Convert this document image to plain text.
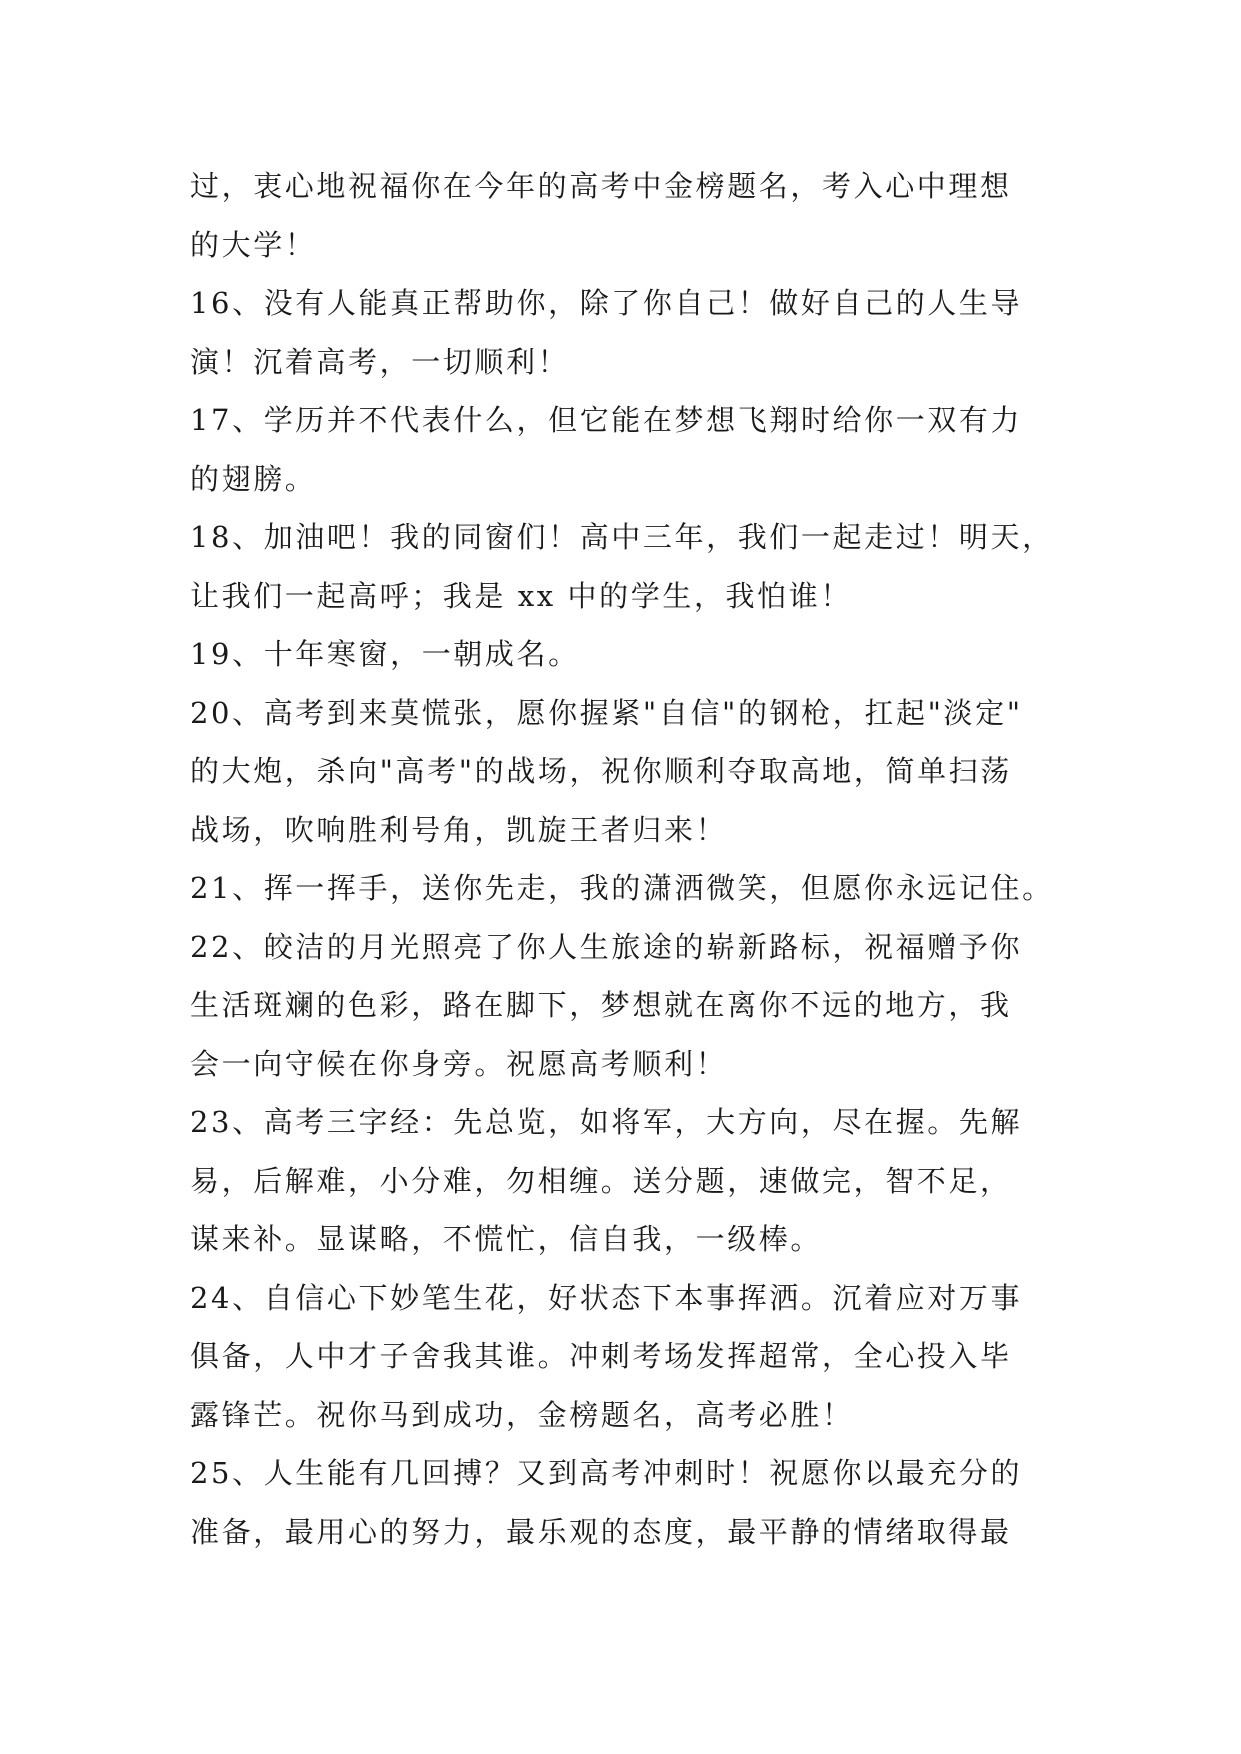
过，衷心地祝福你在今年的高考中金榜题名，考入心中理想
的大学！
16、没有人能真正帮助你，除了你自己！做好自己的人生导
演！沉着高考，一切顺利！
17、学历并不代表什么，但它能在梦想飞翔时给你一双有力
的翅膀。
18、加油吧！我的同窗们！高中三年，我们一起走过！明天，
让我们一起高呼；我是 xx 中的学生，我怕谁！
19、十年寒窗，一朝成名。
20、高考到来莫慌张，愿你握紧"自信"的钢枪，扛起"淡定"
的大炮，杀向"高考"的战场，祝你顺利夺取高地，简单扫荡
战场，吹响胜利号角，凯旋王者归来！
21、挥一挥手，送你先走，我的潇洒微笑，但愿你永远记住。
22、皎洁的月光照亮了你人生旅途的崭新路标，祝福赠予你
生活斑斓的色彩，路在脚下，梦想就在离你不远的地方，我
会一向守候在你身旁。祝愿高考顺利！
23、高考三字经：先总览，如将军，大方向，尽在握。先解
易，后解难，小分难，勿相缠。送分题，速做完，智不足，
谋来补。显谋略，不慌忙，信自我，一级棒。
24、自信心下妙笔生花，好状态下本事挥洒。沉着应对万事
俱备，人中才子舍我其谁。冲刺考场发挥超常，全心投入毕
露锋芒。祝你马到成功，金榜题名，高考必胜！
25、人生能有几回搏？又到高考冲刺时！祝愿你以最充分的
准备，最用心的努力，最乐观的态度，最平静的情绪取得最
